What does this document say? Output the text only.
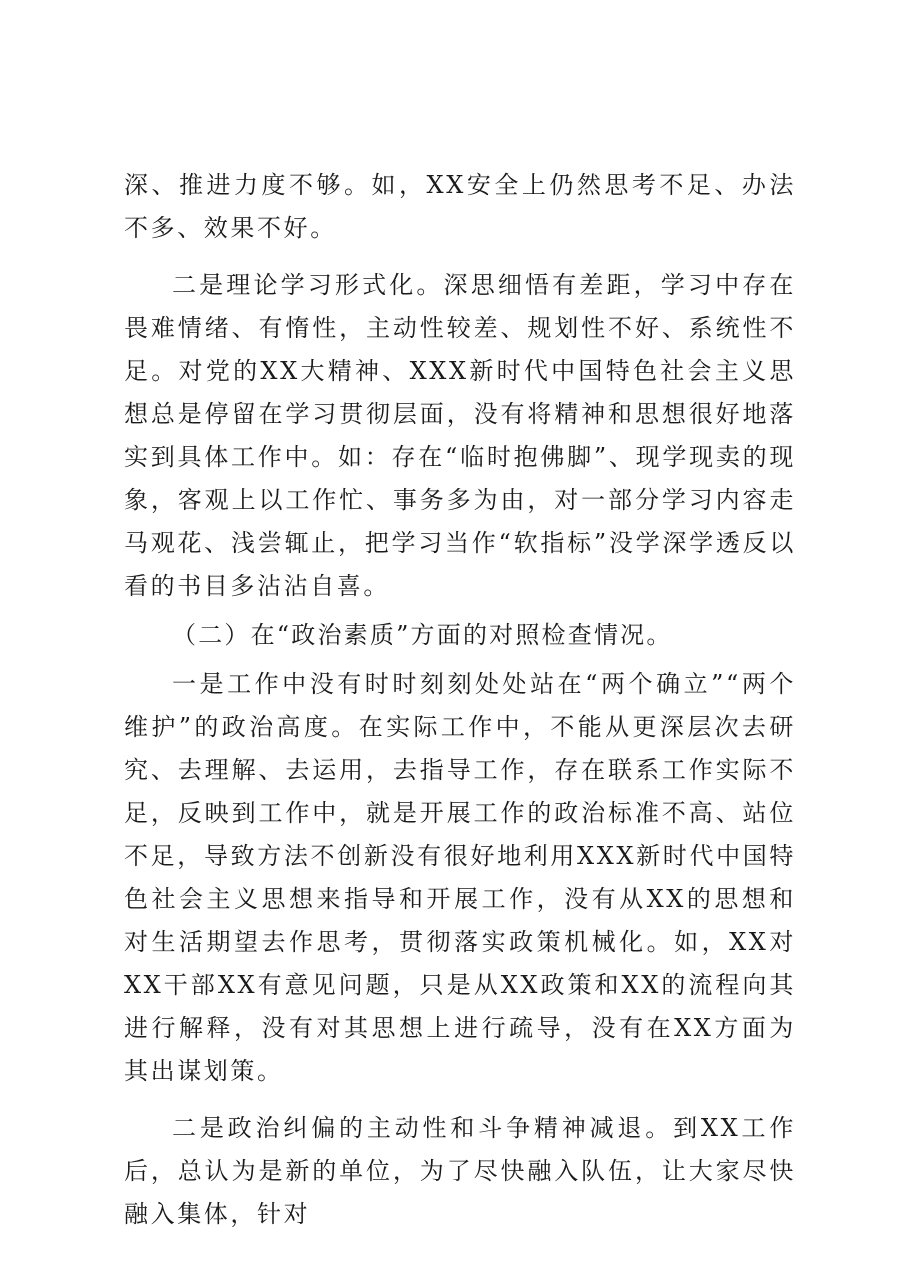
深、推进力度不够。如，XX安全上仍然思考不足、办法不多、效果不好。

二是理论学习形式化。深思细悟有差距，学习中存在畏难情绪、有惰性，主动性较差、规划性不好、系统性不足。对党的XX大精神、XXX新时代中国特色社会主义思想总是停留在学习贯彻层面，没有将精神和思想很好地落实到具体工作中。如：存在“临时抱佛脚”、现学现卖的现象，客观上以工作忙、事务多为由，对一部分学习内容走马观花、浅尝辄止，把学习当作“软指标”没学深学透反以看的书目多沾沾自喜。

（二）在“政治素质”方面的对照检查情况。

一是工作中没有时时刻刻处处站在“两个确立”“两个维护”的政治高度。在实际工作中，不能从更深层次去研究、去理解、去运用，去指导工作，存在联系工作实际不足，反映到工作中，就是开展工作的政治标准不高、站位不足，导致方法不创新没有很好地利用XXX新时代中国特色社会主义思想来指导和开展工作，没有从XX的思想和对生活期望去作思考，贯彻落实政策机械化。如，XX对XX干部XX有意见问题，只是从XX政策和XX的流程向其进行解释，没有对其思想上进行疏导，没有在XX方面为其出谋划策。

二是政治纠偏的主动性和斗争精神减退。到XX工作后，总认为是新的单位，为了尽快融入队伍，让大家尽快融入集体，针对
